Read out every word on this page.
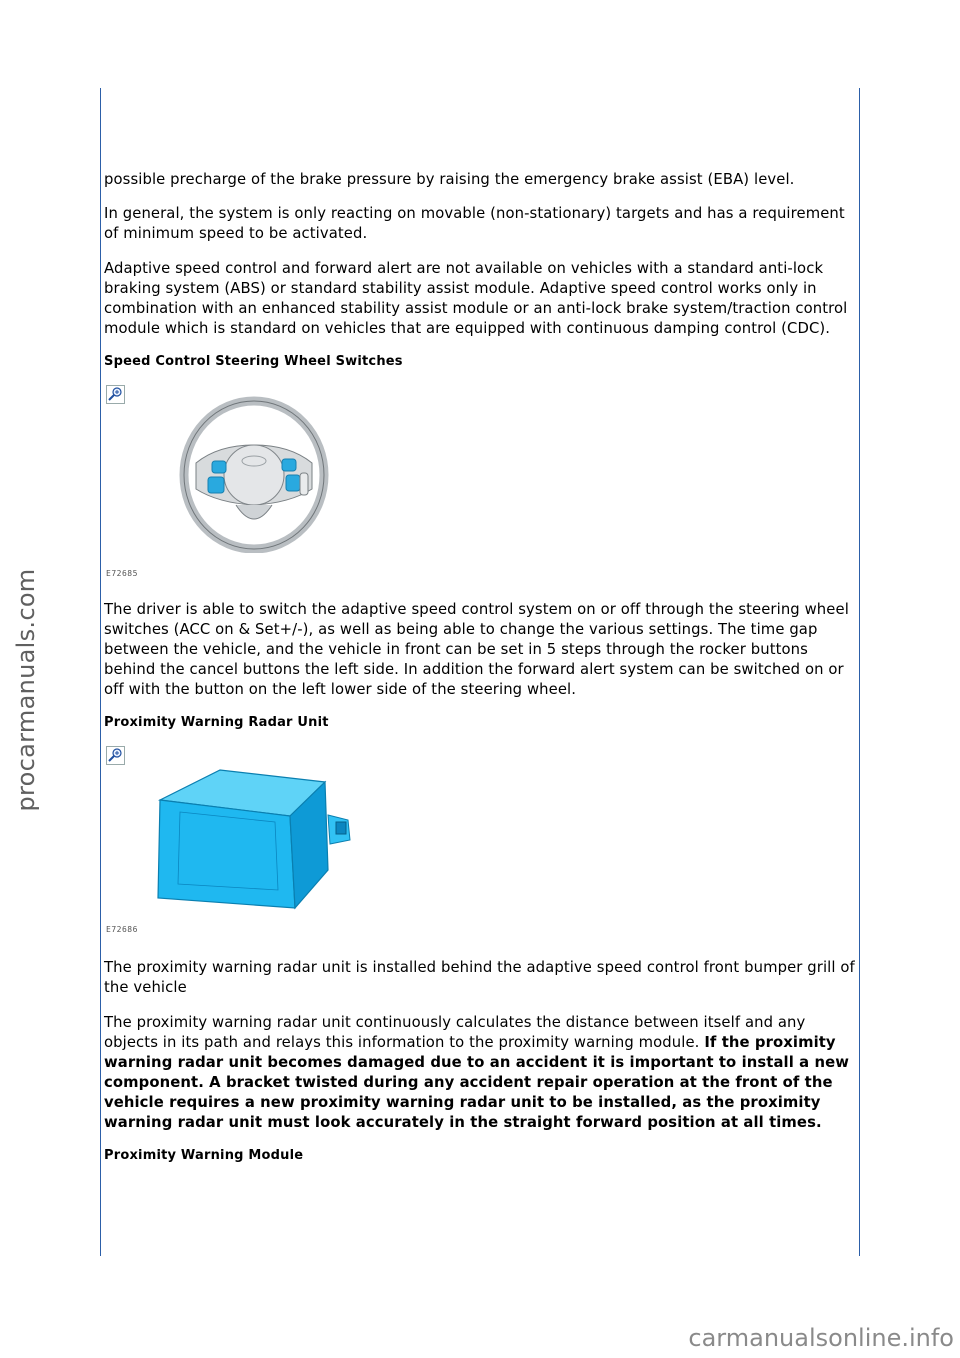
procarmanuals.com

possible precharge of the brake pressure by raising the emergency brake assist (EBA) level.

In general, the system is only reacting on movable (non-stationary) targets and has a requirement of minimum speed to be activated.

Adaptive speed control and forward alert are not available on vehicles with a standard anti-lock braking system (ABS) or standard stability assist module. Adaptive speed control works only in combination with an enhanced stability assist module or an anti-lock brake system/traction control module which is standard on vehicles that are equipped with continuous damping control (CDC).

Speed Control Steering Wheel Switches
E72685

The driver is able to switch the adaptive speed control system on or off through the steering wheel switches (ACC on & Set+/-), as well as being able to change the various settings. The time gap between the vehicle, and the vehicle in front can be set in 5 steps through the rocker buttons behind the cancel buttons the left side. In addition the forward alert system can be switched on or off with the button on the left lower side of the steering wheel.

Proximity Warning Radar Unit
E72686

The proximity warning radar unit is installed behind the adaptive speed control front bumper grill of the vehicle

The proximity warning radar unit continuously calculates the distance between itself and any objects in its path and relays this information to the proximity warning module. If the proximity warning radar unit becomes damaged due to an accident it is important to install a new component. A bracket twisted during any accident repair operation at the front of the vehicle requires a new proximity warning radar unit to be installed, as the proximity warning radar unit must look accurately in the straight forward position at all times.

Proximity Warning Module
carmanualsonline.info
